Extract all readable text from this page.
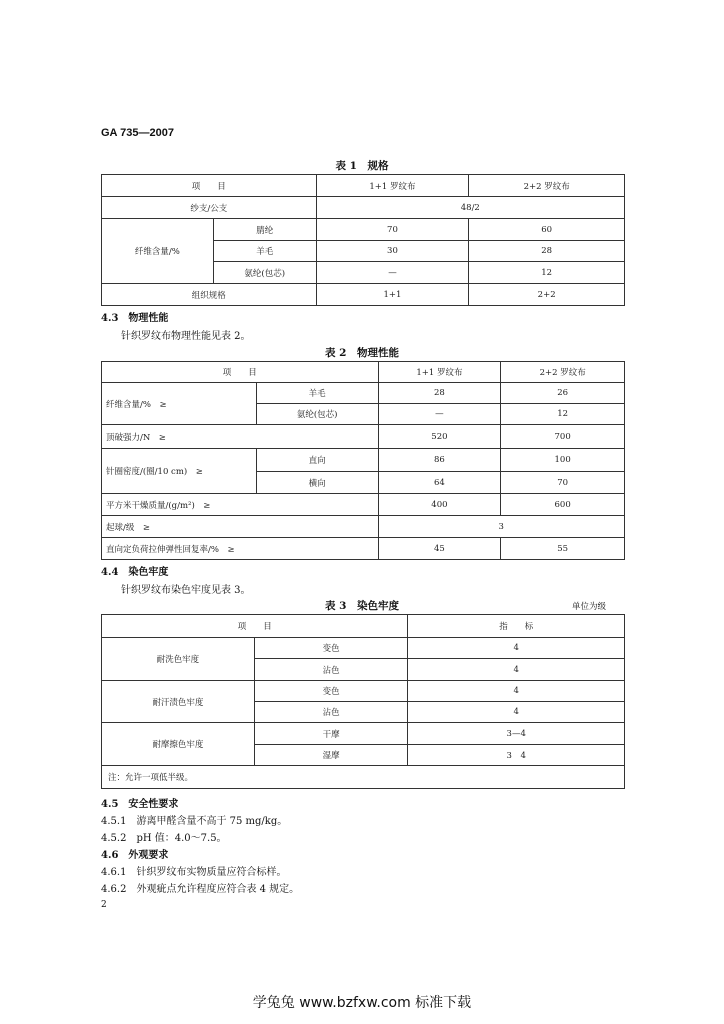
GA 735—2007
表 1　规格
项　　目		1+1 罗纹布	2+2 罗纹布
纱支/公支		48/2	
纤维含量/%	腈纶	70	60
	羊毛	30	28
	氨纶(包芯)	—	12
组织规格		1+1	2+2
4.3　物理性能
针织罗纹布物理性能见表 2。
表 2　物理性能
项　　目		1+1 罗纹布	2+2 罗纹布
纤维含量/%　≥	羊毛	28	26
	氨纶(包芯)	—	12
顶破强力/N　≥		520	700
针圈密度/(圈/10 cm)　≥	直向	86	100
	横向	64	70
平方米干燥质量/(g/m²)　≥		400	600
起球/级　≥		3	
直向定负荷拉伸弹性回复率/%　≥		45	55
4.4　染色牢度
针织罗纹布染色牢度见表 3。
表 3　染色牢度	单位为级
项　　目		指　　标
耐洗色牢度	变色	4
	沾色	4
耐汗渍色牢度	变色	4
	沾色	4
耐摩擦色牢度	干摩	3—4
	湿摩	3　4
注：允许一项低半级。		
4.5　安全性要求
4.5.1　游离甲醛含量不高于 75 mg/kg。
4.5.2　pH 值：4.0～7.5。
4.6　外观要求
4.6.1　针织罗纹布实物质量应符合标样。
4.6.2　外观疵点允许程度应符合表 4 规定。
2
学兔兔 www.bzfxw.com 标准下载
